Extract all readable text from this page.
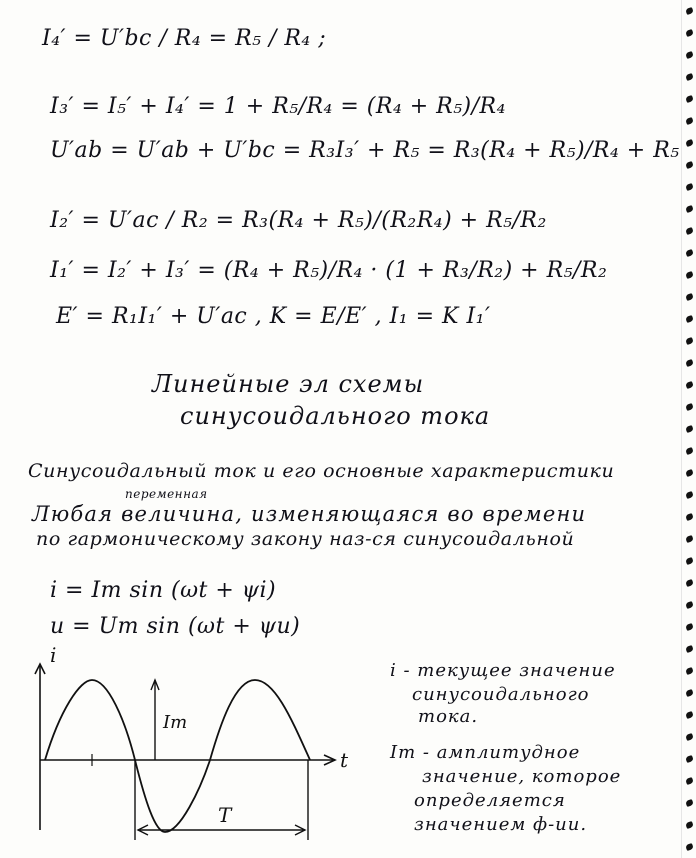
I₄′ = U′bc / R₄ = R₅ / R₄ ;
I₃′ = I₅′ + I₄′ = 1 + R₅/R₄ = (R₄ + R₅)/R₄
U′ab = U′ab + U′bc = R₃I₃′ + R₅ = R₃(R₄ + R₅)/R₄ + R₅
I₂′ = U′ac / R₂ = R₃(R₄ + R₅)/(R₂R₄) + R₅/R₂
I₁′ = I₂′ + I₃′ = (R₄ + R₅)/R₄ · (1 + R₃/R₂) + R₅/R₂
E′ = R₁I₁′ + U′ac , K = E/E′ , I₁ = K I₁′
Линейные эл схемы
синусоидального тока
Синусоидальный ток и его основные характеристики
переменная
Любая величина, изменяющаяся во времени
по гармоническому закону наз-ся синусоидальной
i = Im sin (ωt + ψi)
u = Um sin (ωt + ψu)
i
t
Im
T
i - текущее значение
синусоидального
тока.
Im - амплитудное
значение, которое
определяется
значением ф-ии.
